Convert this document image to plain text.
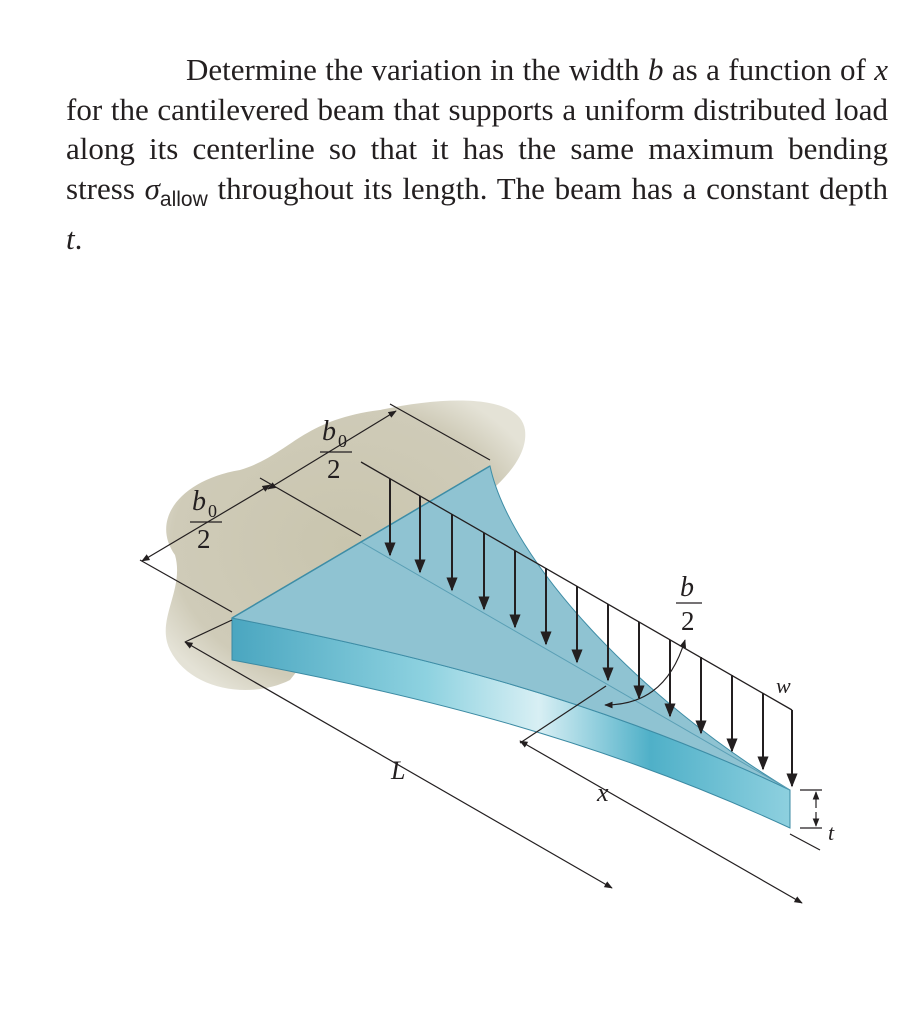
Determine the variation in the width b as a function of x for the cantilevered beam that supports a uniform distributed load along its centerline so that it has the same maximum bending stress $\sigma_{allow}$ throughout its length. The beam has a constant depth t.
b 0
2
b 0
2
b
2
w
L
x
t
